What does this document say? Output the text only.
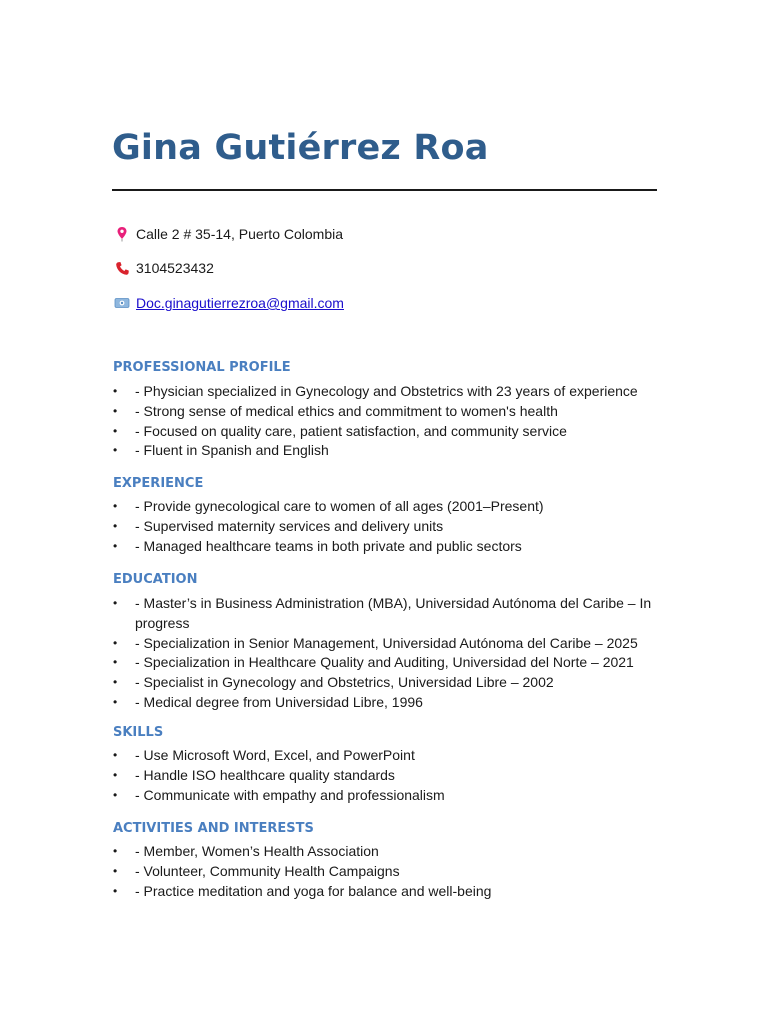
Gina Gutiérrez Roa
Calle 2 # 35-14, Puerto Colombia
3104523432
Doc.ginagutierrezroa@gmail.com
PROFESSIONAL PROFILE
•	- Physician specialized in Gynecology and Obstetrics with 23 years of experience
•	- Strong sense of medical ethics and commitment to women's health
•	- Focused on quality care, patient satisfaction, and community service
•	- Fluent in Spanish and English
EXPERIENCE
•	- Provide gynecological care to women of all ages (2001–Present)
•	- Supervised maternity services and delivery units
•	- Managed healthcare teams in both private and public sectors
EDUCATION
•	- Master’s in Business Administration (MBA), Universidad Autónoma del Caribe – In progress
•	- Specialization in Senior Management, Universidad Autónoma del Caribe – 2025
•	- Specialization in Healthcare Quality and Auditing, Universidad del Norte – 2021
•	- Specialist in Gynecology and Obstetrics, Universidad Libre – 2002
•	- Medical degree from Universidad Libre, 1996
SKILLS
•	- Use Microsoft Word, Excel, and PowerPoint
•	- Handle ISO healthcare quality standards
•	- Communicate with empathy and professionalism
ACTIVITIES AND INTERESTS
•	- Member, Women’s Health Association
•	- Volunteer, Community Health Campaigns
•	- Practice meditation and yoga for balance and well-being
